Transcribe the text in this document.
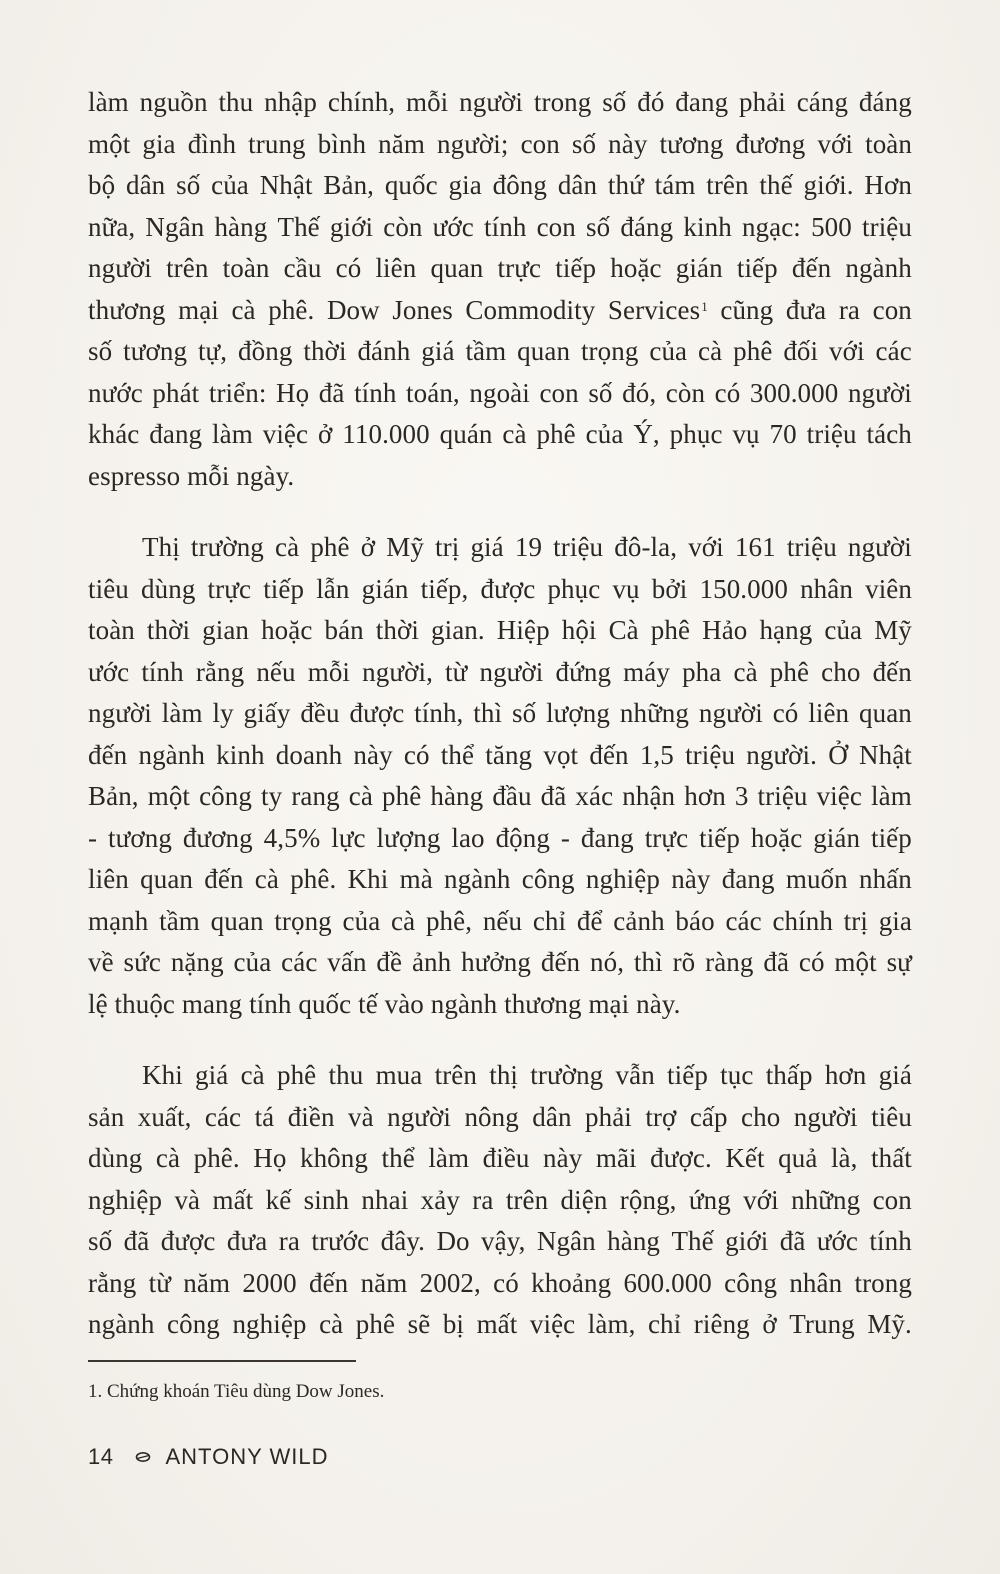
làm nguồn thu nhập chính, mỗi người trong số đó đang phải cáng đáng
một gia đình trung bình năm người; con số này tương đương với toàn
bộ dân số của Nhật Bản, quốc gia đông dân thứ tám trên thế giới. Hơn
nữa, Ngân hàng Thế giới còn ước tính con số đáng kinh ngạc: 500 triệu
người trên toàn cầu có liên quan trực tiếp hoặc gián tiếp đến ngành
thương mại cà phê. Dow Jones Commodity Services$^1$ cũng đưa ra con
số tương tự, đồng thời đánh giá tầm quan trọng của cà phê đối với các
nước phát triển: Họ đã tính toán, ngoài con số đó, còn có 300.000 người
khác đang làm việc ở 110.000 quán cà phê của Ý, phục vụ 70 triệu tách
espresso mỗi ngày.
Thị trường cà phê ở Mỹ trị giá 19 triệu đô-la, với 161 triệu người
tiêu dùng trực tiếp lẫn gián tiếp, được phục vụ bởi 150.000 nhân viên
toàn thời gian hoặc bán thời gian. Hiệp hội Cà phê Hảo hạng của Mỹ
ước tính rằng nếu mỗi người, từ người đứng máy pha cà phê cho đến
người làm ly giấy đều được tính, thì số lượng những người có liên quan
đến ngành kinh doanh này có thể tăng vọt đến 1,5 triệu người. Ở Nhật
Bản, một công ty rang cà phê hàng đầu đã xác nhận hơn 3 triệu việc làm
- tương đương 4,5% lực lượng lao động - đang trực tiếp hoặc gián tiếp
liên quan đến cà phê. Khi mà ngành công nghiệp này đang muốn nhấn
mạnh tầm quan trọng của cà phê, nếu chỉ để cảnh báo các chính trị gia
về sức nặng của các vấn đề ảnh hưởng đến nó, thì rõ ràng đã có một sự
lệ thuộc mang tính quốc tế vào ngành thương mại này.
Khi giá cà phê thu mua trên thị trường vẫn tiếp tục thấp hơn giá
sản xuất, các tá điền và người nông dân phải trợ cấp cho người tiêu
dùng cà phê. Họ không thể làm điều này mãi được. Kết quả là, thất
nghiệp và mất kế sinh nhai xảy ra trên diện rộng, ứng với những con
số đã được đưa ra trước đây. Do vậy, Ngân hàng Thế giới đã ước tính
rằng từ năm 2000 đến năm 2002, có khoảng 600.000 công nhân trong
ngành công nghiệp cà phê sẽ bị mất việc làm, chỉ riêng ở Trung Mỹ.
1. Chứng khoán Tiêu dùng Dow Jones.
14 ANTONY WILD
